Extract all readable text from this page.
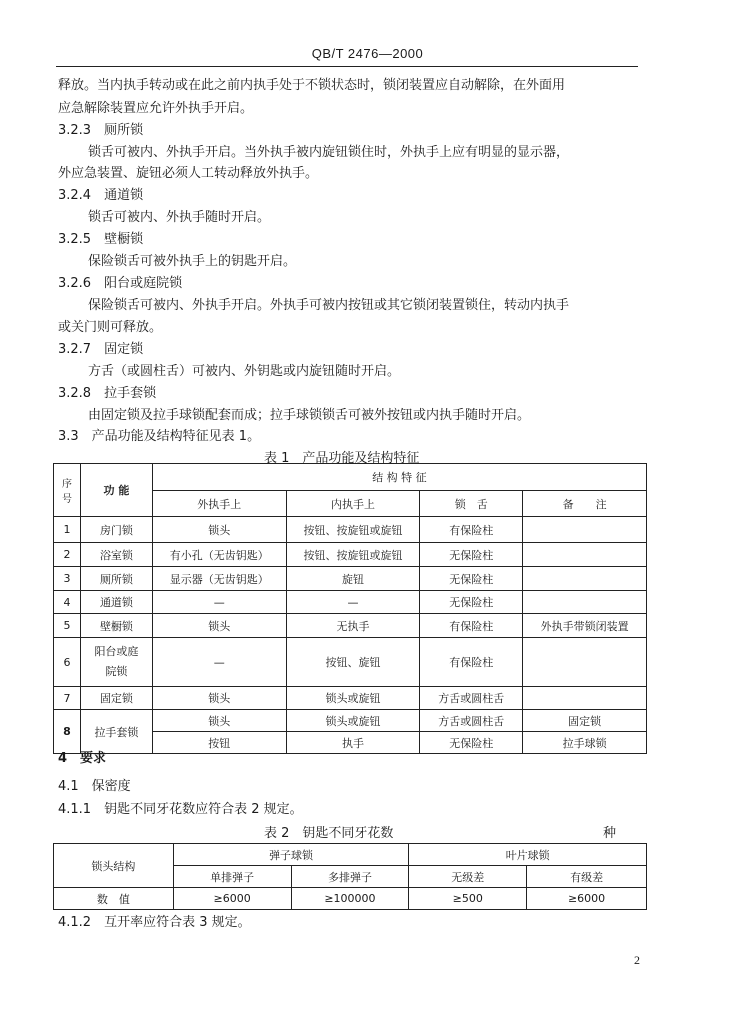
QB/T 2476—2000
释放。当内执手转动或在此之前内执手处于不锁状态时，锁闭装置应自动解除，在外面用
应急解除装置应允许外执手开启。
3.2.3　厕所锁
锁舌可被内、外执手开启。当外执手被内旋钮锁住时，外执手上应有明显的显示器，
外应急装置、旋钮必须人工转动释放外执手。
3.2.4　通道锁
锁舌可被内、外执手随时开启。
3.2.5　壁橱锁
保险锁舌可被外执手上的钥匙开启。
3.2.6　阳台或庭院锁
保险锁舌可被内、外执手开启。外执手可被内按钮或其它锁闭装置锁住，转动内执手
或关门则可释放。
3.2.7　固定锁
方舌（或圆柱舌）可被内、外钥匙或内旋钮随时开启。
3.2.8　拉手套锁
由固定锁及拉手球锁配套而成；拉手球锁锁舌可被外按钮或内执手随时开启。
3.3　产品功能及结构特征见表 1。
表 1　产品功能及结构特征
序号	功 能	结 构 特 征			
		外执手上	内执手上	锁　舌	备　　注
1	房门锁	锁头	按钮、按旋钮或旋钮	有保险柱	
2	浴室锁	有小孔（无齿钥匙）	按钮、按旋钮或旋钮	无保险柱	
3	厕所锁	显示器（无齿钥匙）	旋钮	无保险柱	
4	通道锁	—	—	无保险柱	
5	壁橱锁	锁头	无执手	有保险柱	外执手带锁闭装置
6	阳台或庭院锁	—	按钮、旋钮	有保险柱	
7	固定锁	锁头	锁头或旋钮	方舌或圆柱舌	
8	拉手套锁	锁头	锁头或旋钮	方舌或圆柱舌	固定锁
		按钮	执手	无保险柱	拉手球锁
4　要求
4.1　保密度
4.1.1　钥匙不同牙花数应符合表 2 规定。
表 2　钥匙不同牙花数	种
锁头结构	弹子球锁		叶片球锁	
	单排弹子	多排弹子	无级差	有级差
数　值	≥6000	≥100000	≥500	≥6000
4.1.2　互开率应符合表 3 规定。
2
